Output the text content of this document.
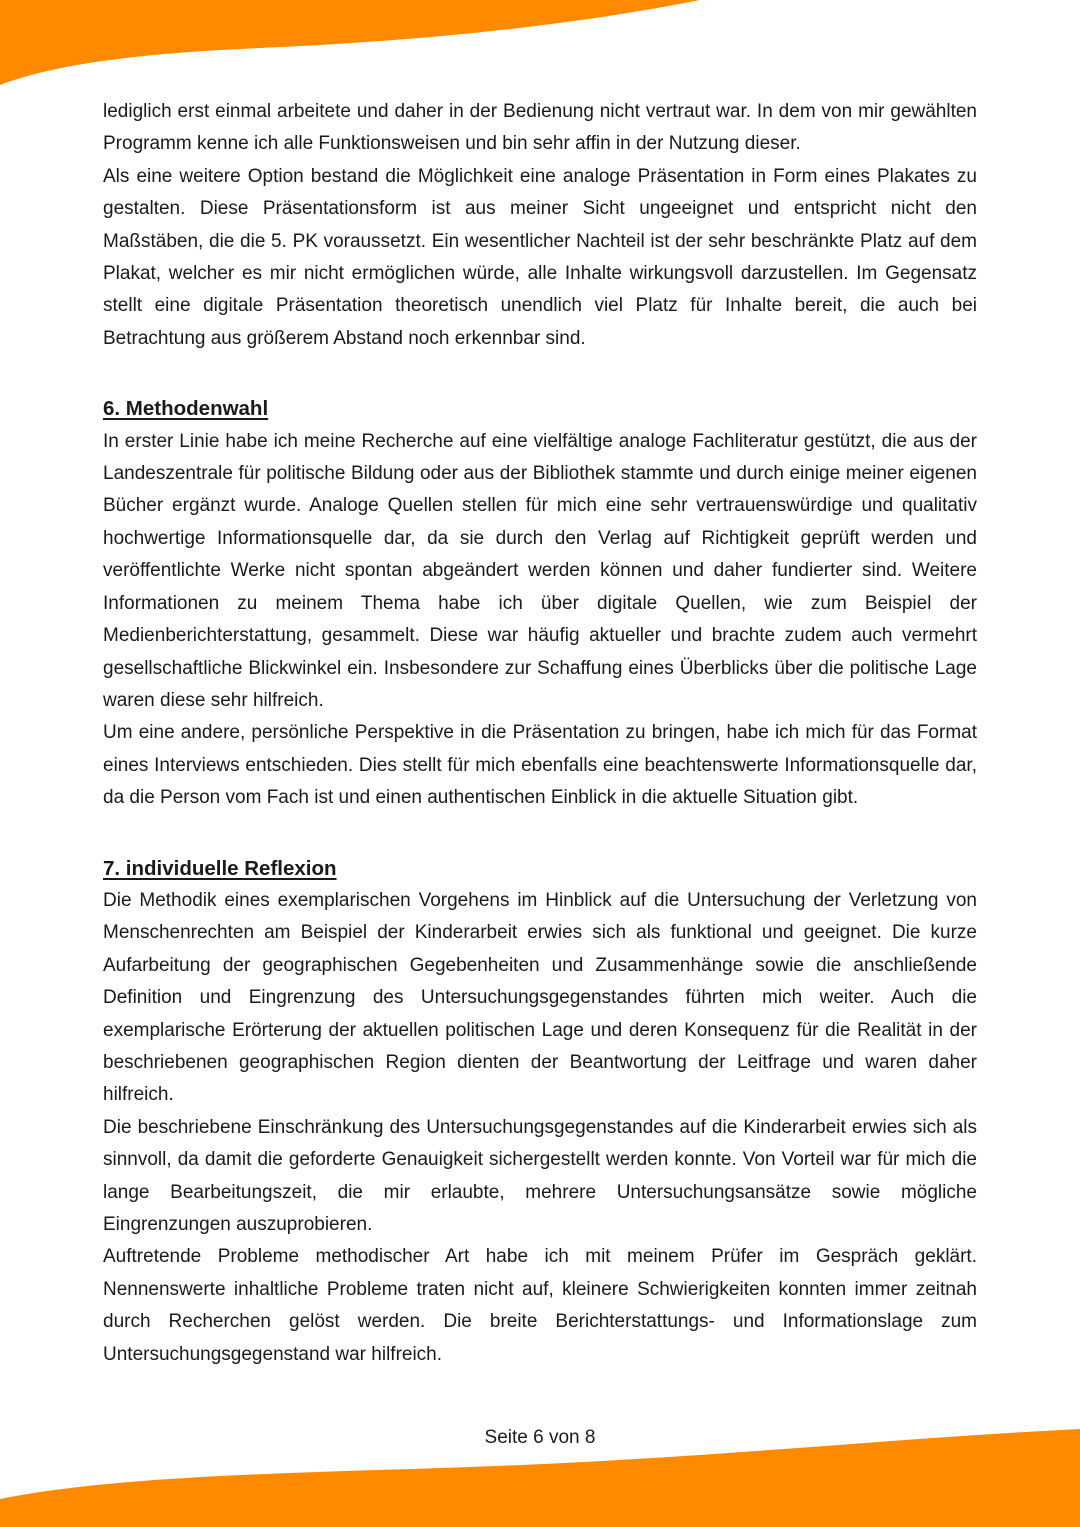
lediglich erst einmal arbeitete und daher in der Bedienung nicht vertraut war. In dem von mir gewählten Programm kenne ich alle Funktionsweisen und bin sehr affin in der Nutzung dieser.

Als eine weitere Option bestand die Möglichkeit eine analoge Präsentation in Form eines Plakates zu gestalten. Diese Präsentationsform ist aus meiner Sicht ungeeignet und entspricht nicht den Maßstäben, die die 5. PK voraussetzt. Ein wesentlicher Nachteil ist der sehr beschränkte Platz auf dem Plakat, welcher es mir nicht ermöglichen würde, alle Inhalte wirkungsvoll darzustellen. Im Gegensatz stellt eine digitale Präsentation theoretisch unendlich viel Platz für Inhalte bereit, die auch bei Betrachtung aus größerem Abstand noch erkennbar sind.

6. Methodenwahl

In erster Linie habe ich meine Recherche auf eine vielfältige analoge Fachliteratur gestützt, die aus der Landeszentrale für politische Bildung oder aus der Bibliothek stammte und durch einige meiner eigenen Bücher ergänzt wurde. Analoge Quellen stellen für mich eine sehr vertrauenswürdige und qualitativ hochwertige Informationsquelle dar, da sie durch den Verlag auf Richtigkeit geprüft werden und veröffentlichte Werke nicht spontan abgeändert werden können und daher fundierter sind. Weitere Informationen zu meinem Thema habe ich über digitale Quellen, wie zum Beispiel der Medienberichterstattung, gesammelt. Diese war häufig aktueller und brachte zudem auch vermehrt gesellschaftliche Blickwinkel ein. Insbesondere zur Schaffung eines Überblicks über die politische Lage waren diese sehr hilfreich.

Um eine andere, persönliche Perspektive in die Präsentation zu bringen, habe ich mich für das Format eines Interviews entschieden. Dies stellt für mich ebenfalls eine beachtenswerte Informationsquelle dar, da die Person vom Fach ist und einen authentischen Einblick in die aktuelle Situation gibt.

7. individuelle Reflexion

Die Methodik eines exemplarischen Vorgehens im Hinblick auf die Untersuchung der Verletzung von Menschenrechten am Beispiel der Kinderarbeit erwies sich als funktional und geeignet. Die kurze Aufarbeitung der geographischen Gegebenheiten und Zusammenhänge sowie die anschließende Definition und Eingrenzung des Untersuchungsgegenstandes führten mich weiter. Auch die exemplarische Erörterung der aktuellen politischen Lage und deren Konsequenz für die Realität in der beschriebenen geographischen Region dienten der Beantwortung der Leitfrage und waren daher hilfreich.

Die beschriebene Einschränkung des Untersuchungsgegenstandes auf die Kinderarbeit erwies sich als sinnvoll, da damit die geforderte Genauigkeit sichergestellt werden konnte. Von Vorteil war für mich die lange Bearbeitungszeit, die mir erlaubte, mehrere Untersuchungsansätze sowie mögliche Eingrenzungen auszuprobieren.

Auftretende Probleme methodischer Art habe ich mit meinem Prüfer im Gespräch geklärt. Nennenswerte inhaltliche Probleme traten nicht auf, kleinere Schwierigkeiten konnten immer zeitnah durch Recherchen gelöst werden. Die breite Berichterstattungs- und Informationslage zum Untersuchungsgegenstand war hilfreich.

Seite 6 von 8
